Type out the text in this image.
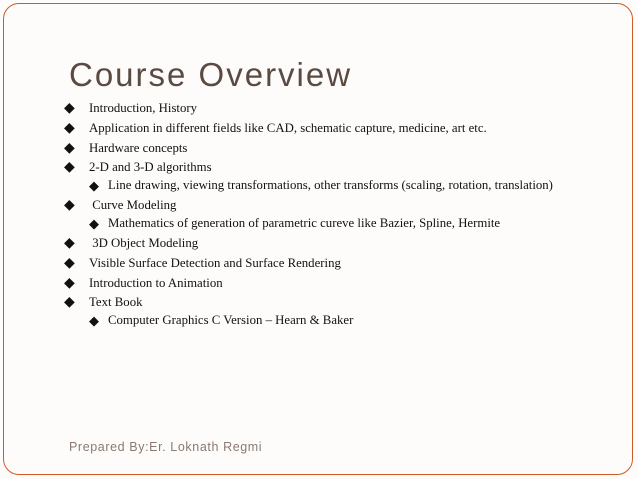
Course Overview
◆ Introduction, History
◆ Application in different fields like CAD, schematic capture, medicine, art etc.
◆ Hardware concepts
◆ 2-D and 3-D algorithms
◆ Line drawing, viewing transformations, other transforms (scaling, rotation, translation)
◆ Curve Modeling
◆ Mathematics of generation of parametric cureve like Bazier, Spline, Hermite
◆ 3D Object Modeling
◆ Visible Surface Detection and Surface Rendering
◆ Introduction to Animation
◆ Text Book
◆ Computer Graphics C Version – Hearn & Baker
Prepared By:Er. Loknath Regmi
